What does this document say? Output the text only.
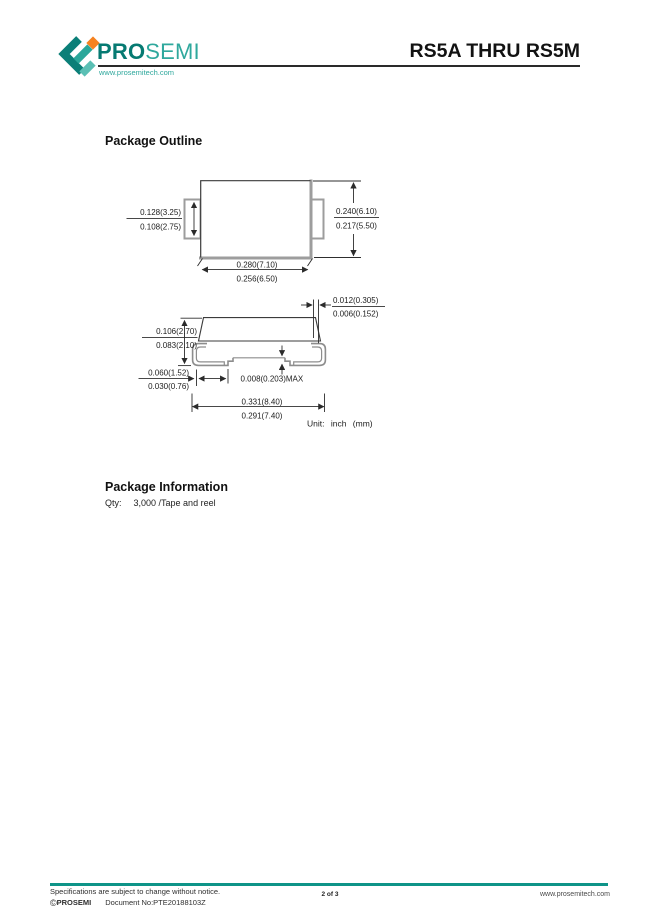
PROSEMI
www.prosemitech.com
RS5A THRU RS5M
Package Outline
0.128(3.25)
0.108(2.75)
0.240(6.10)
0.217(5.50)
0.280(7.10)
0.256(6.50)
0.012(0.305)
0.006(0.152)
0.106(2.70)
0.083(2.10)
0.060(1.52)
0.030(0.76)
0.008(0.203)MAX
0.331(8.40)
0.291(7.40)
Unit: inch (mm)
Package Information
Qty: 3,000 /Tape and reel
Specifications are subject to change without notice.
©PROSEMI Document No:PTE20188103Z
2 of 3	www.prosemitech.com
